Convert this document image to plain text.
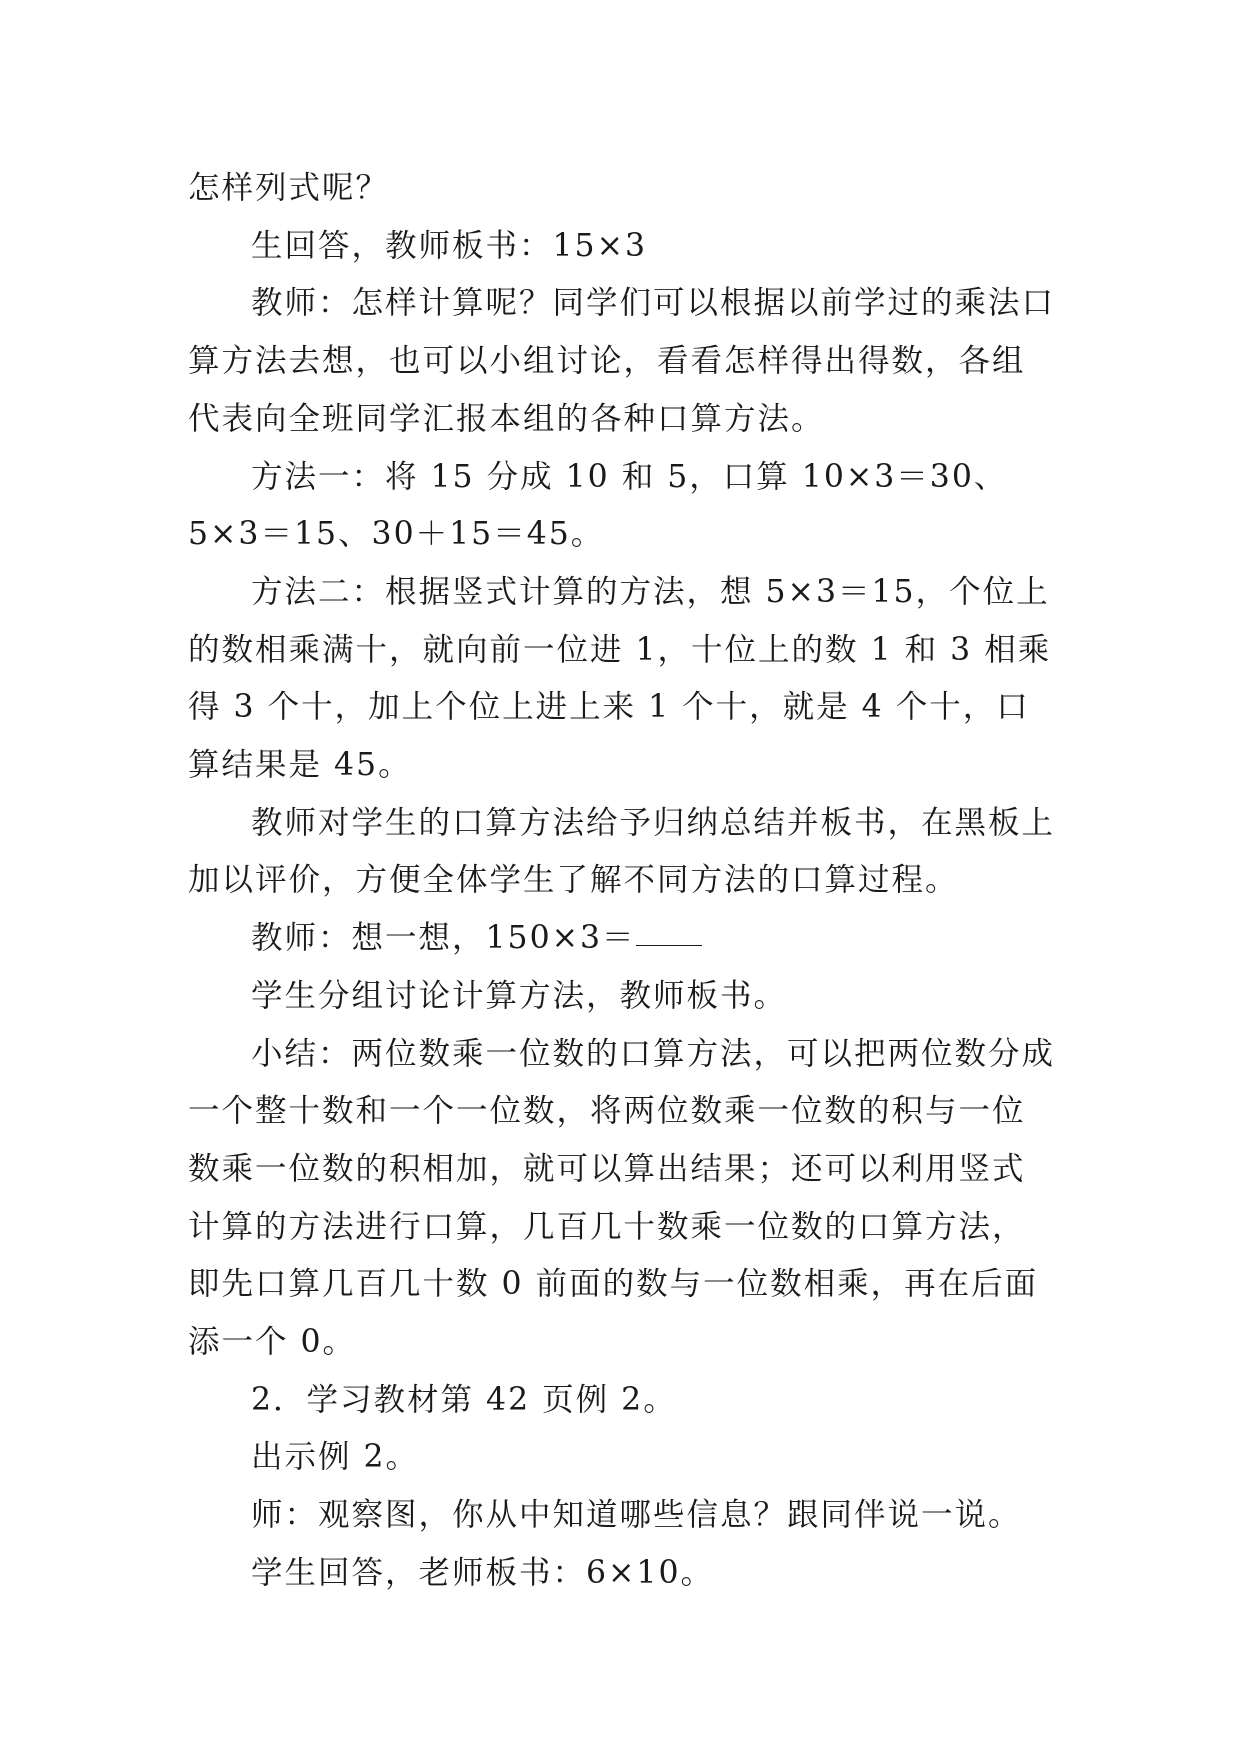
怎样列式呢？

生回答，教师板书：15×3

教师：怎样计算呢？同学们可以根据以前学过的乘法口算方法去想，也可以小组讨论，看看怎样得出得数，各组代表向全班同学汇报本组的各种口算方法。

方法一：将 15 分成 10 和 5，口算 10×3＝30、5×3＝15、30＋15＝45。

方法二：根据竖式计算的方法，想 5×3＝15，个位上的数相乘满十，就向前一位进 1，十位上的数 1 和 3 相乘得 3 个十，加上个位上进上来 1 个十，就是 4 个十，口算结果是 45。

教师对学生的口算方法给予归纳总结并板书，在黑板上加以评价，方便全体学生了解不同方法的口算过程。

教师：想一想，150×3＝

学生分组讨论计算方法，教师板书。

小结：两位数乘一位数的口算方法，可以把两位数分成一个整十数和一个一位数，将两位数乘一位数的积与一位数乘一位数的积相加，就可以算出结果；还可以利用竖式计算的方法进行口算，几百几十数乘一位数的口算方法，即先口算几百几十数 0 前面的数与一位数相乘，再在后面添一个 0。

2．学习教材第 42 页例 2。

出示例 2。

师：观察图，你从中知道哪些信息？跟同伴说一说。

学生回答，老师板书：6×10。
